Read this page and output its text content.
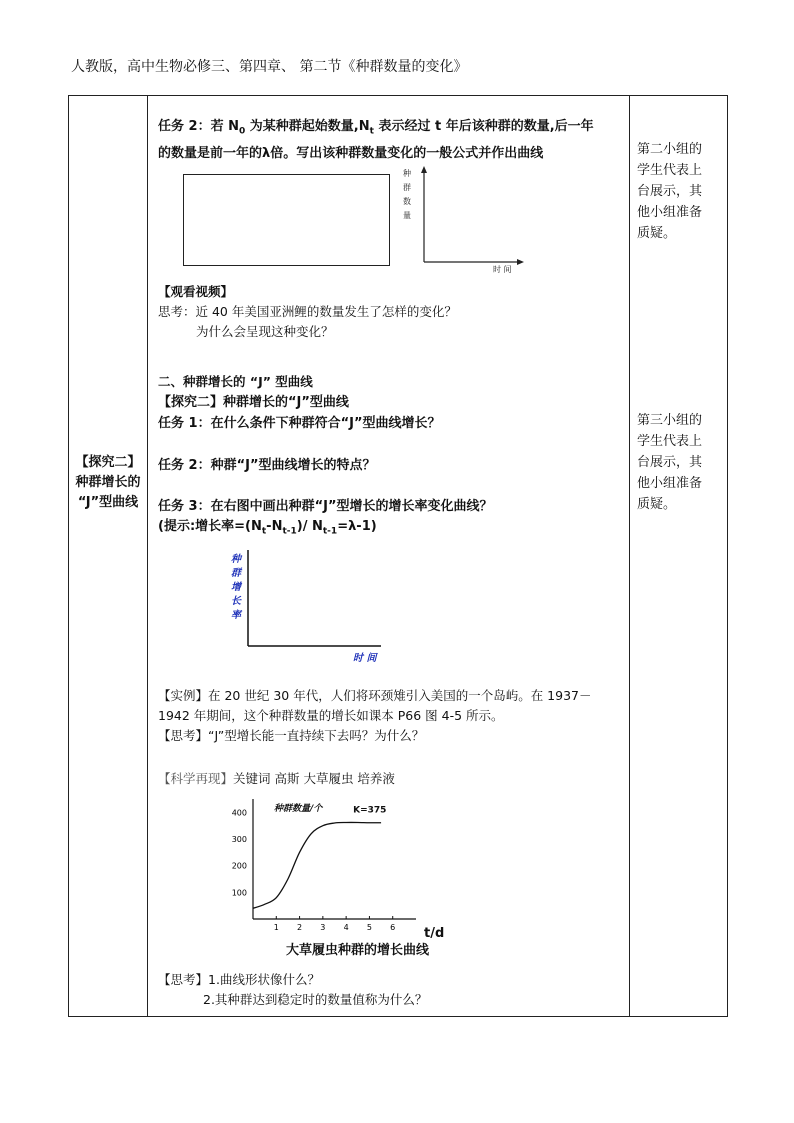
人教版，高中生物必修三、第四章、 第二节《种群数量的变化》
【探究二】
种群增长的
“J”型曲线

任务 2：若 $N_0$ 为某种群起始数量$,N_t$ 表示经过 t 年后该种群的数量,后一年
的数量是前一年的λ倍。写出该种群数量变化的一般公式并作出曲线
种
群
数
量
时 间
【观看视频】
思考：近 40 年美国亚洲鲤的数量发生了怎样的变化？
为什么会呈现这种变化？
二、种群增长的 “J” 型曲线
【探究二】种群增长的“J”型曲线
任务 1：在什么条件下种群符合“J”型曲线增长？
任务 2：种群“J”型曲线增长的特点？
任务 3：在右图中画出种群“J”型增长的增长率变化曲线？
(提示:增长率$=(N_t-N_{t-1})/$ $N_{t-1}=\lambda-1$)
种
群
增
长
率
时 间
【实例】在 20 世纪 30 年代，人们将环颈雉引入美国的一个岛屿。在 1937－
1942 年期间，这个种群数量的增长如课本 P66 图 4-5 所示。
【思考】“J”型增长能一直持续下去吗？为什么？
【科学再现】关键词 高斯 大草履虫 培养液
种群数量/个	K=375
t/d
大草履虫种群的增长曲线
100
200
300
400
1 2 3 4 5 6
【思考】1.曲线形状像什么？
2.其种群达到稳定时的数量值称为什么？

第二小组的
学生代表上
台展示，其
他小组准备
质疑。
第三小组的
学生代表上
台展示，其
他小组准备
质疑。
